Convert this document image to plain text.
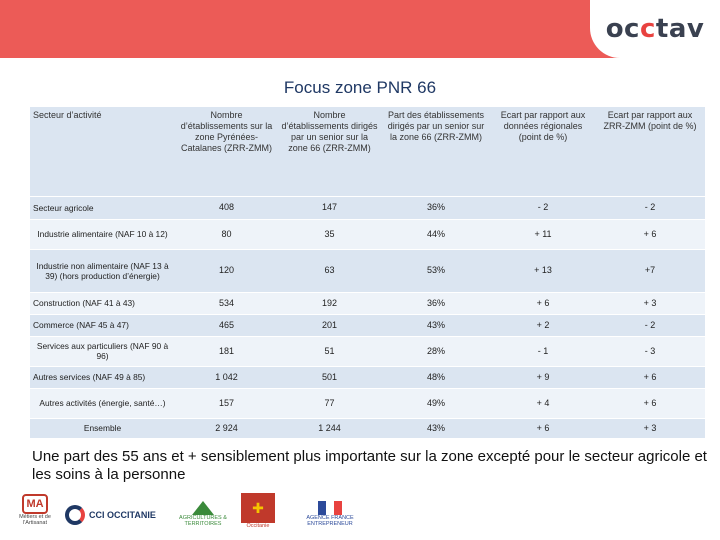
occtav
Focus zone PNR 66
Secteur d’activité	Nombre d’établissements sur la zone Pyrénées-Catalanes (ZRR-ZMM)	Nombre d’établissements dirigés par un senior sur la zone 66 (ZRR-ZMM)	Part des établissements dirigés par un senior sur la zone 66 (ZRR-ZMM)	Ecart par rapport aux données régionales (point de %)	Ecart par rapport aux ZRR-ZMM (point de %)
Secteur agricole	408	147	36%	- 2	- 2
Industrie alimentaire (NAF 10 à 12)	80	35	44%	+ 11	+ 6
Industrie non alimentaire (NAF 13 à 39) (hors production d’énergie)	120	63	53%	+ 13	+7
Construction (NAF 41 à 43)	534	192	36%	+ 6	+ 3
Commerce (NAF 45 à 47)	465	201	43%	+ 2	- 2
Services aux particuliers (NAF 90 à 96)	181	51	28%	- 1	- 3
Autres services (NAF 49 à 85)	1 042	501	48%	+ 9	+ 6
Autres activités (énergie, santé…)	157	77	49%	+ 4	+ 6
Ensemble	2 924	1 244	43%	+ 6	+ 3
Une part des 55 ans et + sensiblement plus importante sur la zone excepté pour le secteur agricole et les soins à la personne
MA
Métiers et de l'Artisanat
CCI OCCITANIE	AGRICULTURES & TERRITOIRES
✚
Occitanie
AGENCE FRANCE ENTREPRENEUR
